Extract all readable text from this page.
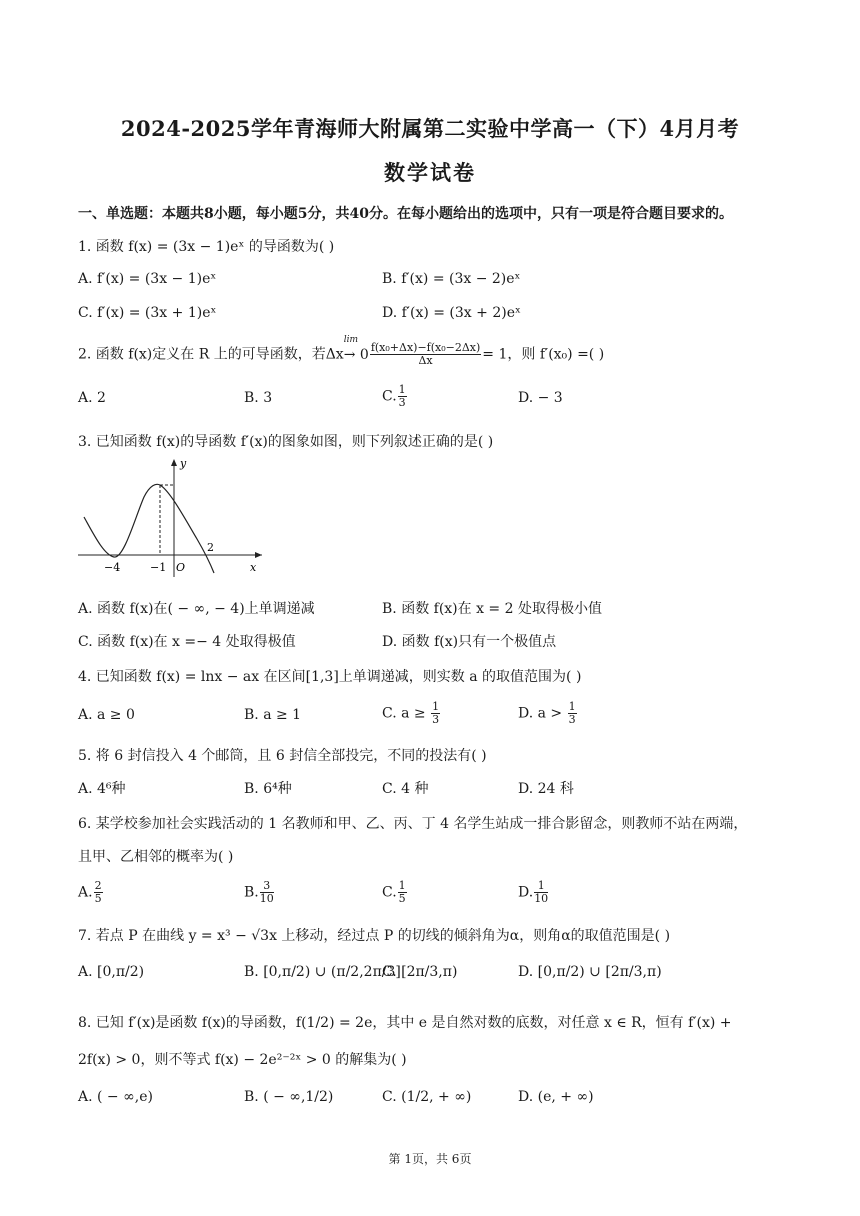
2024-2025学年青海师大附属第二实验中学高一（下）4月月考
数学试卷
一、单选题：本题共8小题，每小题5分，共40分。在每小题给出的选项中，只有一项是符合题目要求的。
1. 函数 f(x) = (3x − 1)eˣ 的导函数为( )
A. f′(x) = (3x − 1)eˣ	B. f′(x) = (3x − 2)eˣ
C. f′(x) = (3x + 1)eˣ	D. f′(x) = (3x + 2)eˣ
2. 函数 f(x)定义在 R 上的可导函数，若Δx
lim
→ $0 \frac{\text{f(x₀+Δx)−f(x₀−2Δx)}}{\Delta x} = 1$，则 f′(x₀) =( )
A. 2	B. 3	C. $\frac{1}{3}$	D. − 3
3. 已知函数 f(x)的导函数 f′(x)的图象如图，则下列叙述正确的是( )
y
x
O
−4	−1
2
A. 函数 f(x)在( − ∞, − 4)上单调递减	B. 函数 f(x)在 x = 2 处取得极小值
C. 函数 f(x)在 x =− 4 处取得极值	D. 函数 f(x)只有一个极值点
4. 已知函数 f(x) = lnx − ax 在区间[1,3]上单调递减，则实数 a 的取值范围为( )
A. a ≥ 0	B. a ≥ 1	C. $a \ge \frac{1}{3}$	D. $a > \frac{1}{3}$
5. 将 6 封信投入 4 个邮筒，且 6 封信全部投完，不同的投法有( )
A. 4⁶种	B. 6⁴种	C. 4 种	D. 24 科
6. 某学校参加社会实践活动的 1 名教师和甲、乙、丙、丁 4 名学生站成一排合影留念，则教师不站在两端，
且甲、乙相邻的概率为( )
A. $\frac{2}{5}$	B. $\frac{3}{10}$	C. $\frac{1}{5}$	D. $\frac{1}{10}$
7. 若点 P 在曲线 y = x³ − √3x 上移动，经过点 P 的切线的倾斜角为α，则角α的取值范围是( )
A. [0,π/2)	B. [0,π/2) ∪ (π/2,2π/3]
C. [2π/3,π)	D. [0,π/2) ∪ [2π/3,π)
8. 已知 f′(x)是函数 f(x)的导函数，f(1/2) = 2e，其中 e 是自然对数的底数，对任意 x ∈ R，恒有 f′(x) +
2f(x) > 0，则不等式 f(x) − 2e²⁻²ˣ > 0 的解集为( )
A. ( − ∞,e)	B. ( − ∞,1/2)	C. (1/2, + ∞)	D. (e, + ∞)
第 1页，共 6页
